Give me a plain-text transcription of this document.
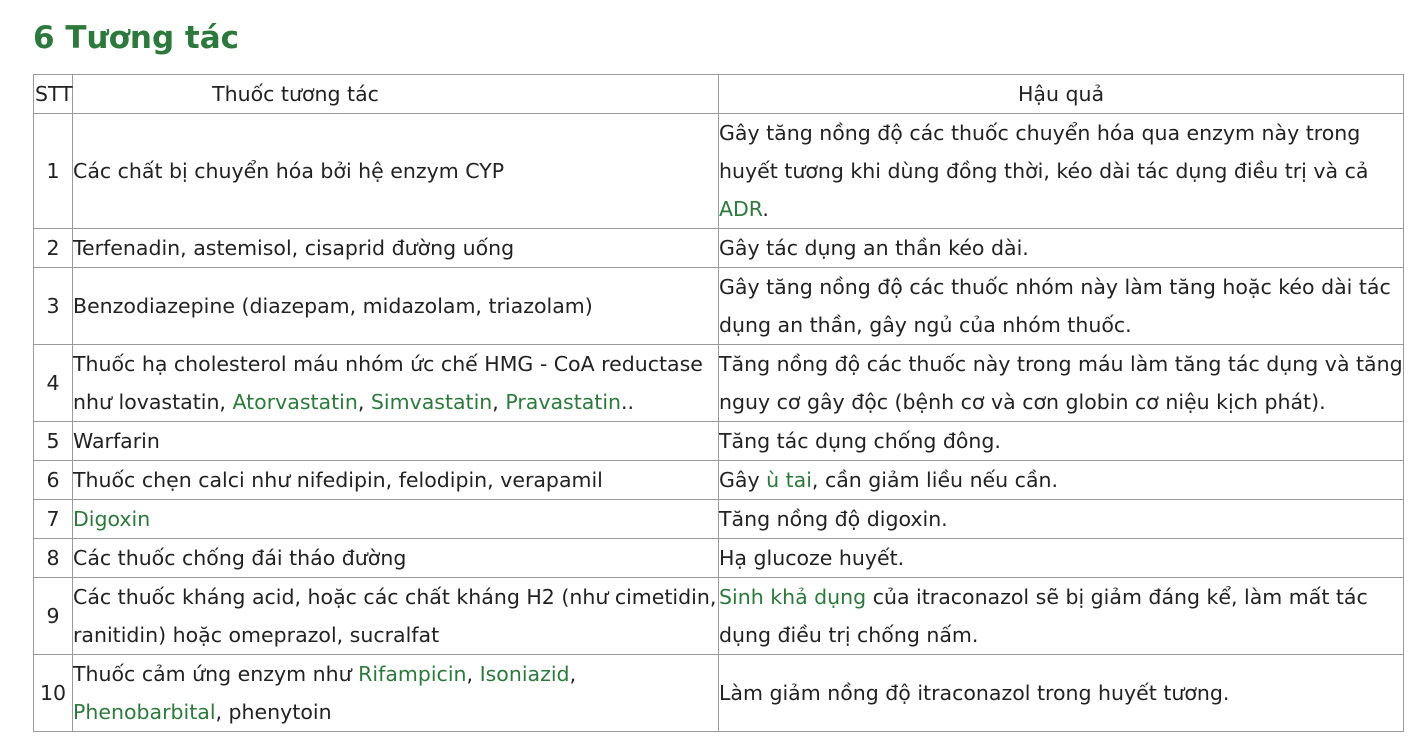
6 Tương tác
STT	Thuốc tương tác	Hậu quả
1	Các chất bị chuyển hóa bởi hệ enzym CYP	Gây tăng nồng độ các thuốc chuyển hóa qua enzym này trong huyết tương khi dùng đồng thời, kéo dài tác dụng điều trị và cả ADR.
2	Terfenadin, astemisol, cisaprid đường uống	Gây tác dụng an thần kéo dài.
3	Benzodiazepine (diazepam, midazolam, triazolam)	Gây tăng nồng độ các thuốc nhóm này làm tăng hoặc kéo dài tác dụng an thần, gây ngủ của nhóm thuốc.
4	Thuốc hạ cholesterol máu nhóm ức chế HMG - CoA reductase như lovastatin, Atorvastatin, Simvastatin, Pravastatin..	Tăng nồng độ các thuốc này trong máu làm tăng tác dụng và tăng nguy cơ gây độc (bệnh cơ và cơn globin cơ niệu kịch phát).
5	Warfarin	Tăng tác dụng chống đông.
6	Thuốc chẹn calci như nifedipin, felodipin, verapamil	Gây ù tai, cần giảm liều nếu cần.
7	Digoxin	Tăng nồng độ digoxin.
8	Các thuốc chống đái tháo đường	Hạ glucoze huyết.
9	Các thuốc kháng acid, hoặc các chất kháng H2 (như cimetidin, ranitidin) hoặc omeprazol, sucralfat	Sinh khả dụng của itraconazol sẽ bị giảm đáng kể, làm mất tác dụng điều trị chống nấm.
10	Thuốc cảm ứng enzym như Rifampicin, Isoniazid, Phenobarbital, phenytoin	Làm giảm nồng độ itraconazol trong huyết tương.
